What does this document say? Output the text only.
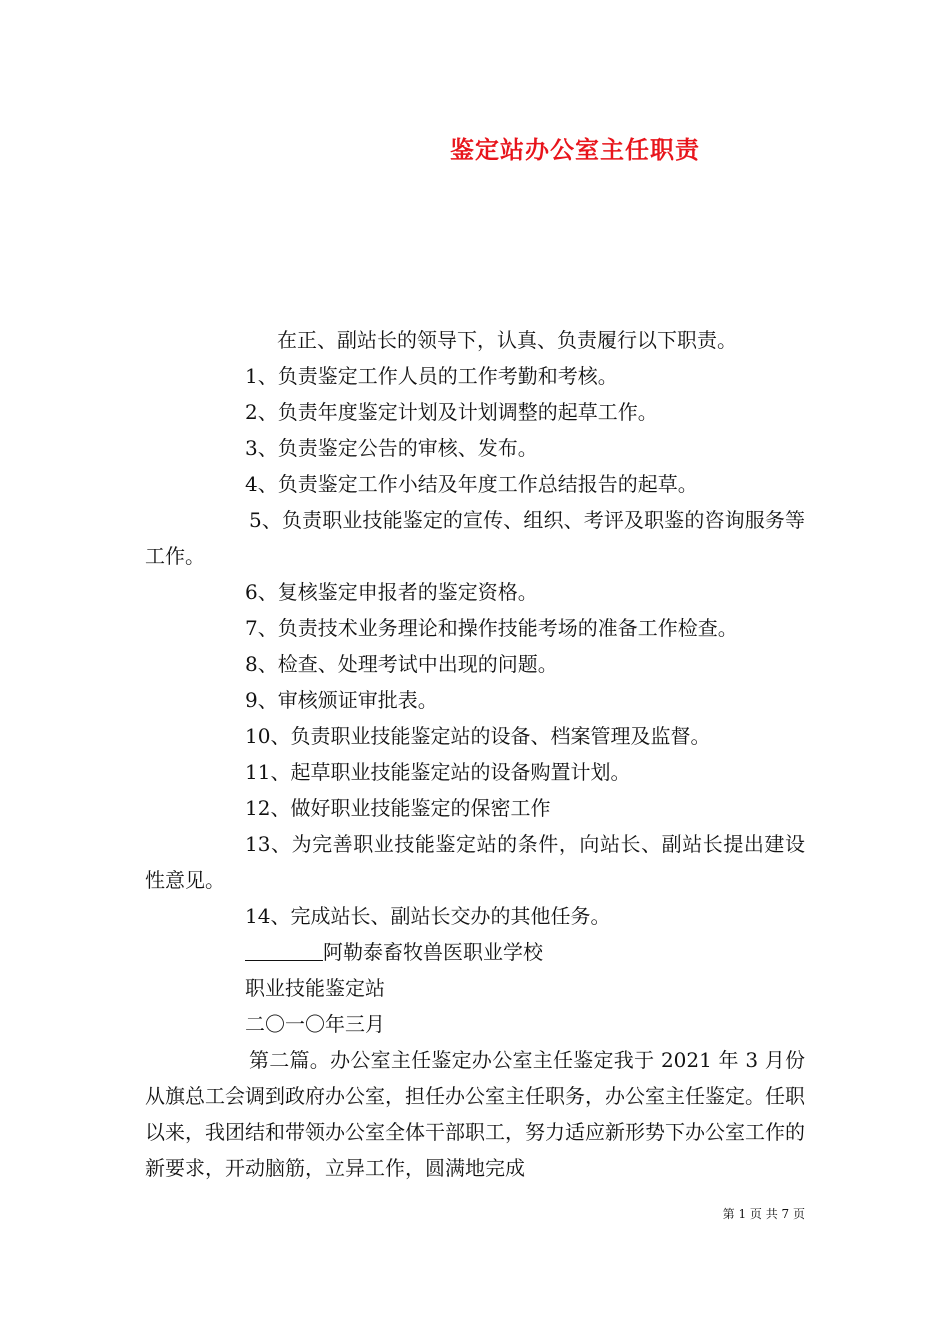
鉴定站办公室主任职责

在正、副站长的领导下，认真、负责履行以下职责。

1、负责鉴定工作人员的工作考勤和考核。

2、负责年度鉴定计划及计划调整的起草工作。

3、负责鉴定公告的审核、发布。

4、负责鉴定工作小结及年度工作总结报告的起草。

5、负责职业技能鉴定的宣传、组织、考评及职鉴的咨询服务等工作。

6、复核鉴定申报者的鉴定资格。

7、负责技术业务理论和操作技能考场的准备工作检查。

8、检查、处理考试中出现的问题。

9、审核颁证审批表。

10、负责职业技能鉴定站的设备、档案管理及监督。

11、起草职业技能鉴定站的设备购置计划。

12、做好职业技能鉴定的保密工作

13、为完善职业技能鉴定站的条件，向站长、副站长提出建设性意见。

14、完成站长、副站长交办的其他任务。

阿勒泰畜牧兽医职业学校

职业技能鉴定站

二〇一〇年三月

第二篇。办公室主任鉴定办公室主任鉴定我于 2021 年 3 月份从旗总工会调到政府办公室，担任办公室主任职务，办公室主任鉴定。任职以来，我团结和带领办公室全体干部职工，努力适应新形势下办公室工作的新要求，开动脑筋，立异工作，圆满地完成

第 1 页 共 7 页
